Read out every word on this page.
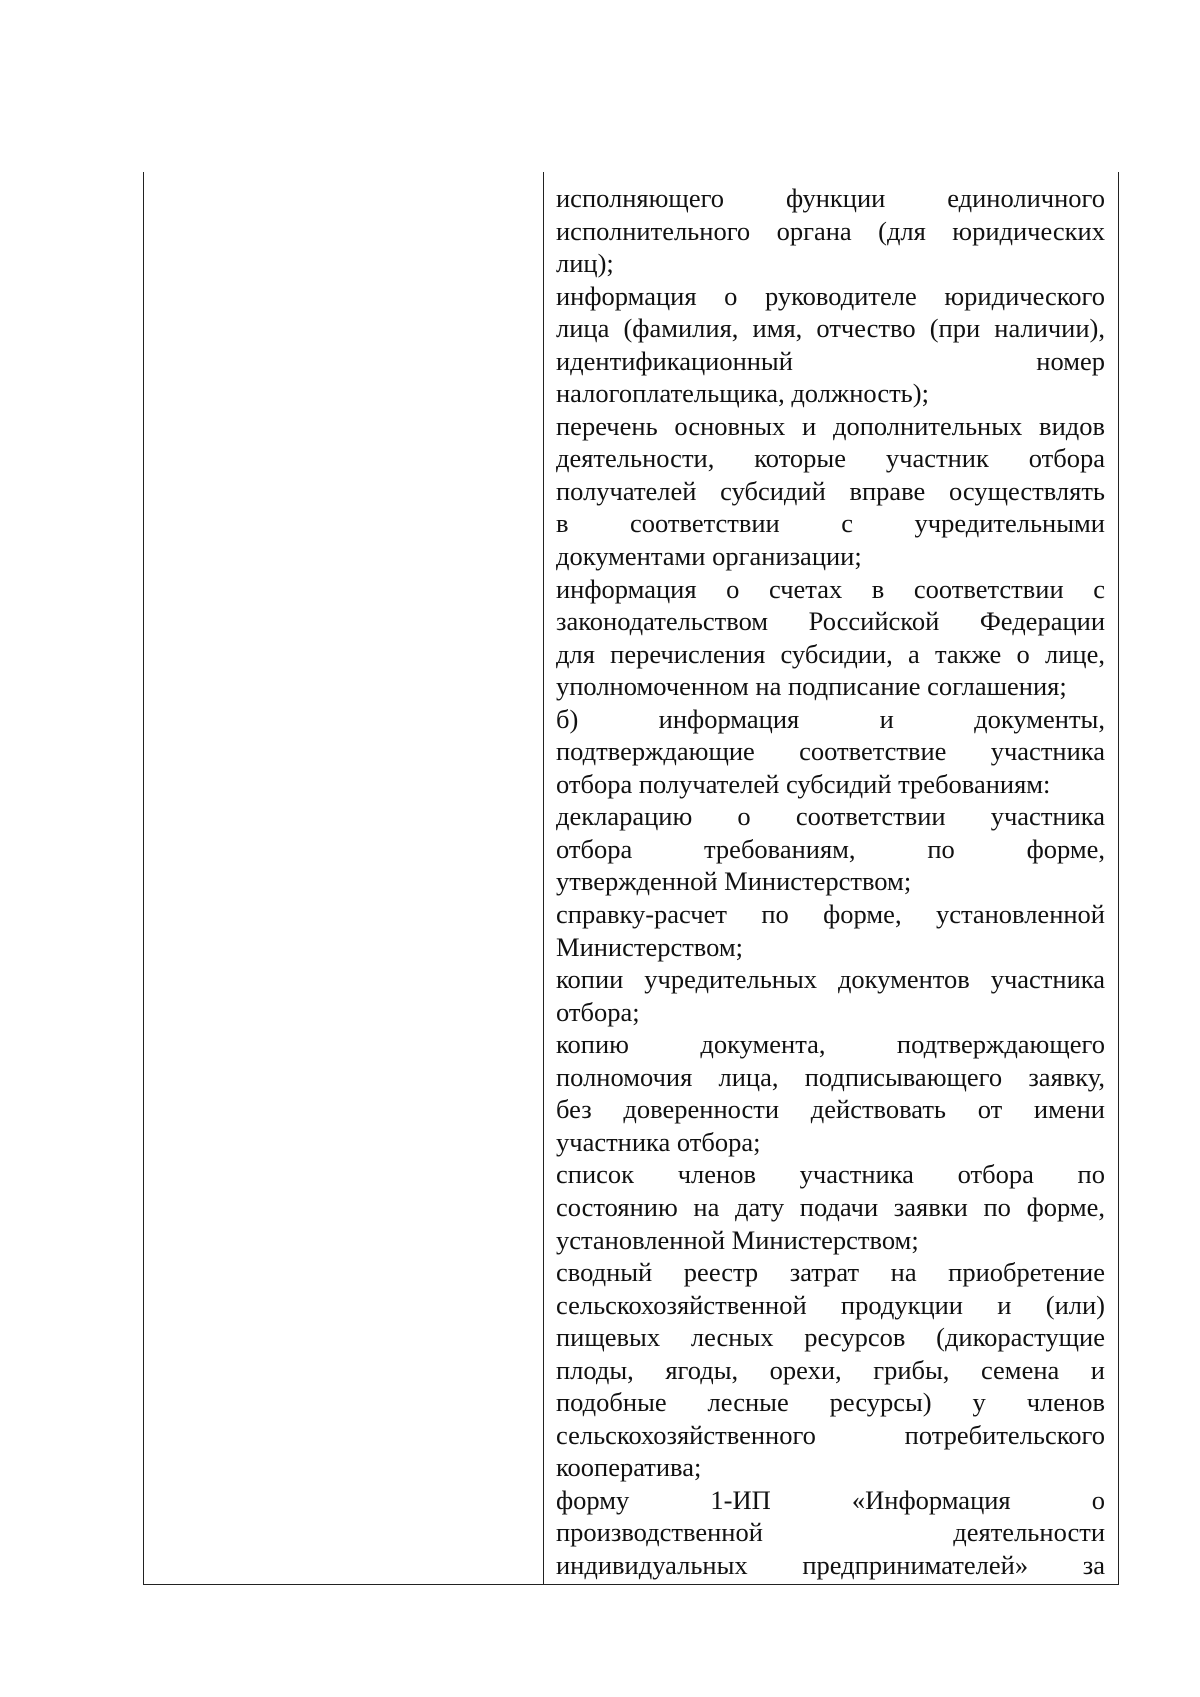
исполняющего функции единоличного
исполнительного органа (для юридических
лиц);
информация о руководителе юридического
лица (фамилия, имя, отчество (при наличии),
идентификационный номер
налогоплательщика, должность);
перечень основных и дополнительных видов
деятельности, которые участник отбора
получателей субсидий вправе осуществлять
в соответствии с учредительными
документами организации;
информация о счетах в соответствии с
законодательством Российской Федерации
для перечисления субсидии, а также о лице,
уполномоченном на подписание соглашения;
б) информация и документы,
подтверждающие соответствие участника
отбора получателей субсидий требованиям:
декларацию о соответствии участника
отбора требованиям, по форме,
утвержденной Министерством;
справку-расчет по форме, установленной
Министерством;
копии учредительных документов участника
отбора;
копию документа, подтверждающего
полномочия лица, подписывающего заявку,
без доверенности действовать от имени
участника отбора;
список членов участника отбора по
состоянию на дату подачи заявки по форме,
установленной Министерством;
сводный реестр затрат на приобретение
сельскохозяйственной продукции и (или)
пищевых лесных ресурсов (дикорастущие
плоды, ягоды, орехи, грибы, семена и
подобные лесные ресурсы) у членов
сельскохозяйственного потребительского
кооператива;
форму 1-ИП «Информация о
производственной деятельности
индивидуальных предпринимателей» за
